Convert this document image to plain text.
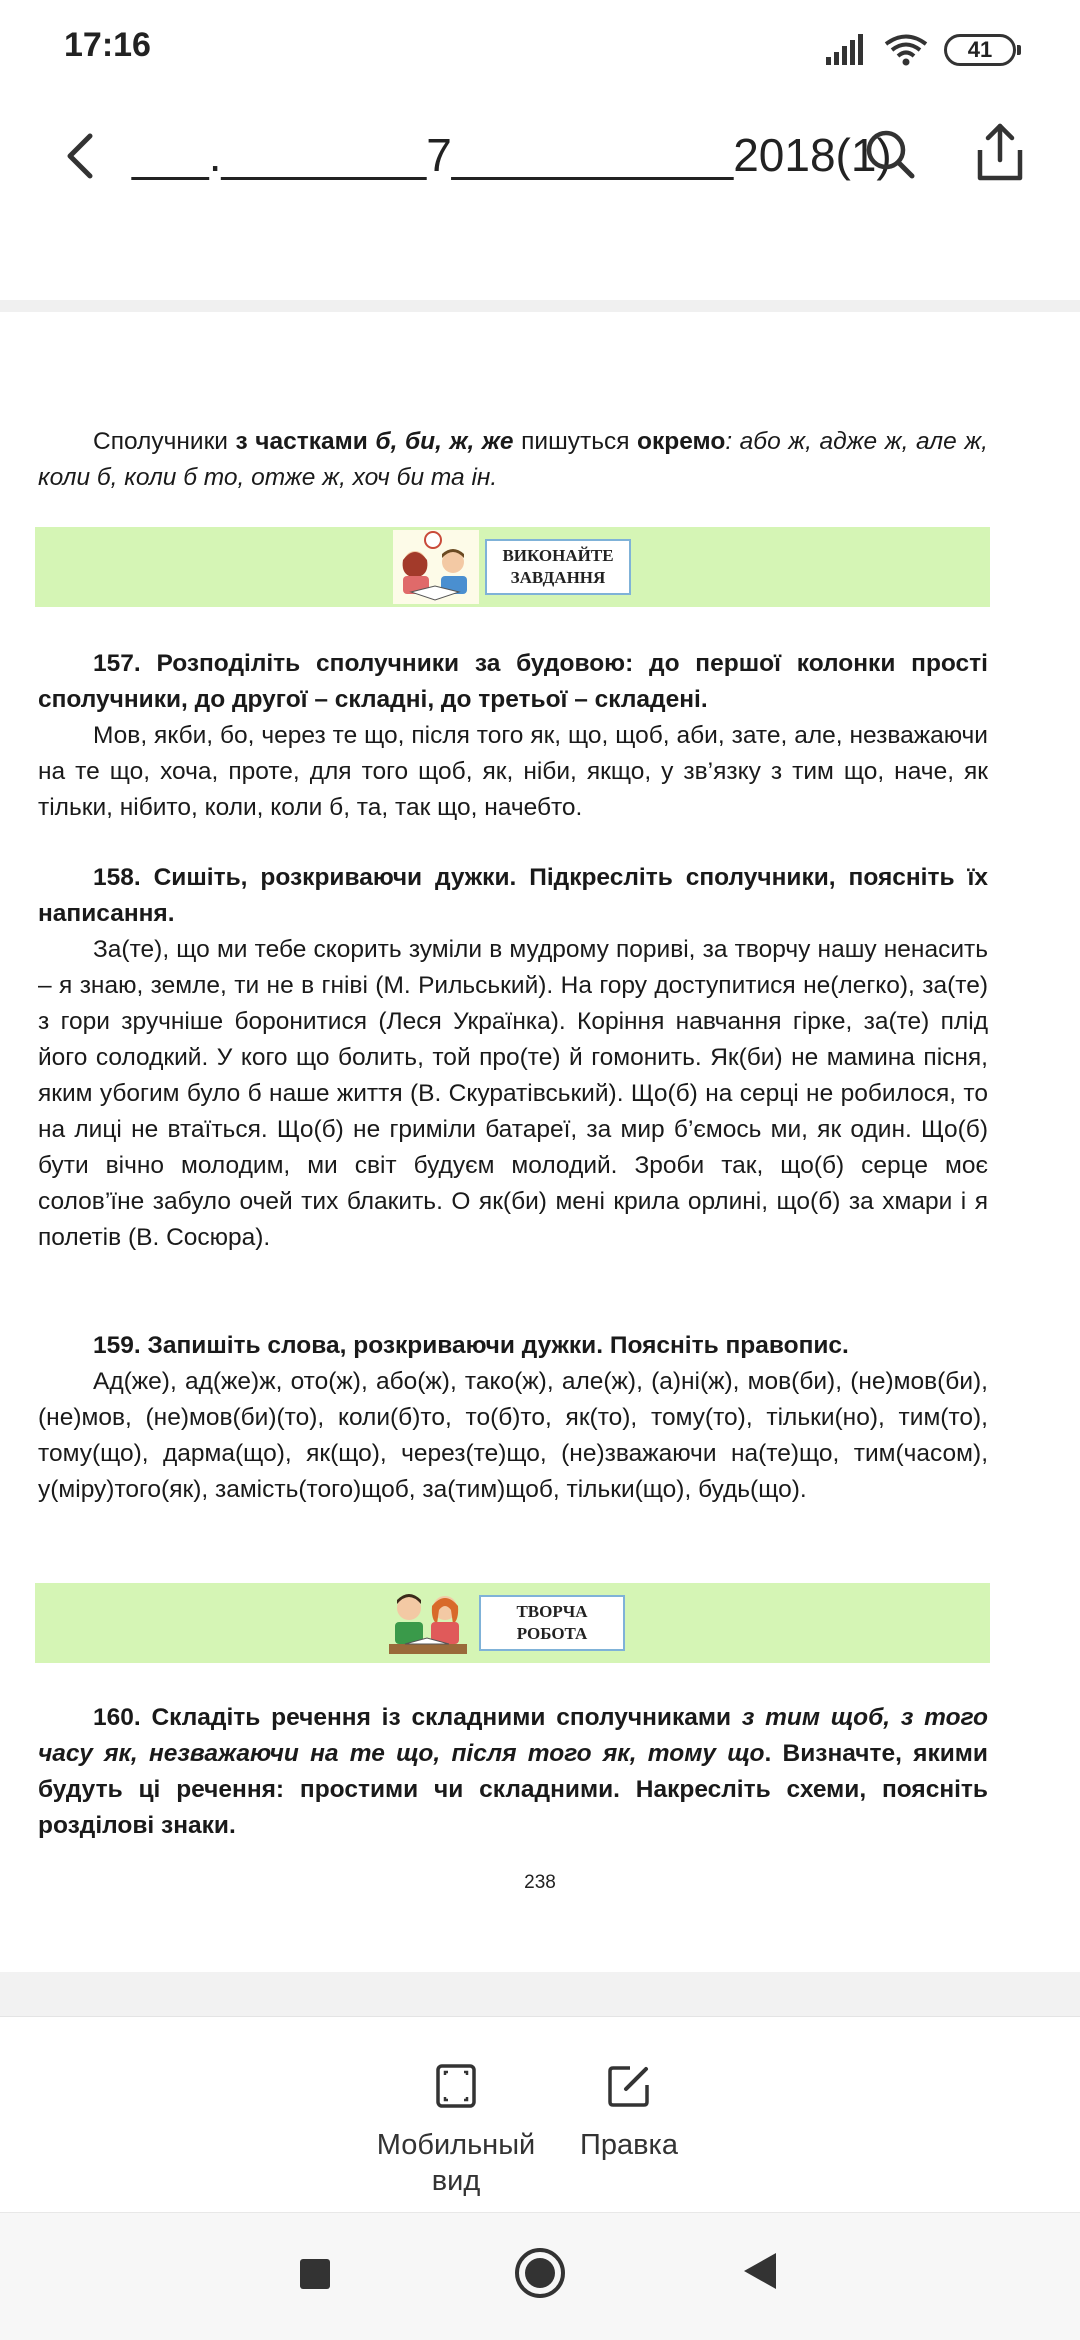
17:16	41
___.________7___________2018(1)

Сполучники з частками б, би, ж, же пишуться окремо: або ж, адже ж, але ж, коли б, коли б то, отже ж, хоч би та ін.

ВИКОНАЙТЕ
ЗАВДАННЯ

157. Розподіліть сполучники за будовою: до першої колонки прості сполучники, до другої – складні, до третьої – складені.

Мов, якби, бо, через те що, після того як, що, щоб, аби, зате, але, незважаючи на те що, хоча, проте, для того щоб, як, ніби, якщо, у зв’язку з тим що, наче, як тільки, нібито, коли, коли б, та, так що, начебто.

158. Сишіть, розкриваючи дужки. Підкресліть сполучники, поясніть їх написання.

За(те), що ми тебе скорить зуміли в мудрому пориві, за творчу нашу ненасить – я знаю, земле, ти не в гніві (М. Рильський). На гору доступитися не(легко), за(те) з гори зручніше боронитися (Леся Українка). Коріння навчання гірке, за(те) плід його солодкий. У кого що болить, той про(те) й гомонить. Як(би) не мамина пісня, яким убогим було б наше життя (В. Скуратівський). Що(б) на серці не робилося, то на лиці не втаїться. Що(б) не гриміли батареї, за мир б’ємось ми, як один. Що(б) бути вічно молодим, ми світ будуєм молодий. Зроби так, що(б) серце моє солов’їне забуло очей тих блакить. О як(би) мені крила орлині, що(б) за хмари і я полетів (В. Сосюра).

159. Запишіть слова, розкриваючи дужки. Поясніть правопис.

Ад(же), ад(же)ж, ото(ж), або(ж), тако(ж), але(ж), (а)ні(ж), мов(би), (не)мов(би), (не)мов, (не)мов(би)(то), коли(б)то, то(б)то, як(то), тому(то), тільки(но), тим(то), тому(що), дарма(що), як(що), через(те)що, (не)зважаючи на(те)що, тим(часом), у(міру)того(як), замість(того)щоб, за(тим)щоб, тільки(що), будь(що).

ТВОРЧА
РОБОТА

160. Складіть речення із складними сполучниками з тим щоб, з того часу як, незважаючи на те що, після того як, тому що. Визначте, якими будуть ці речення: простими чи складними. Накресліть схеми, поясніть розділові знаки.

238
Мобильный
вид
Правка
